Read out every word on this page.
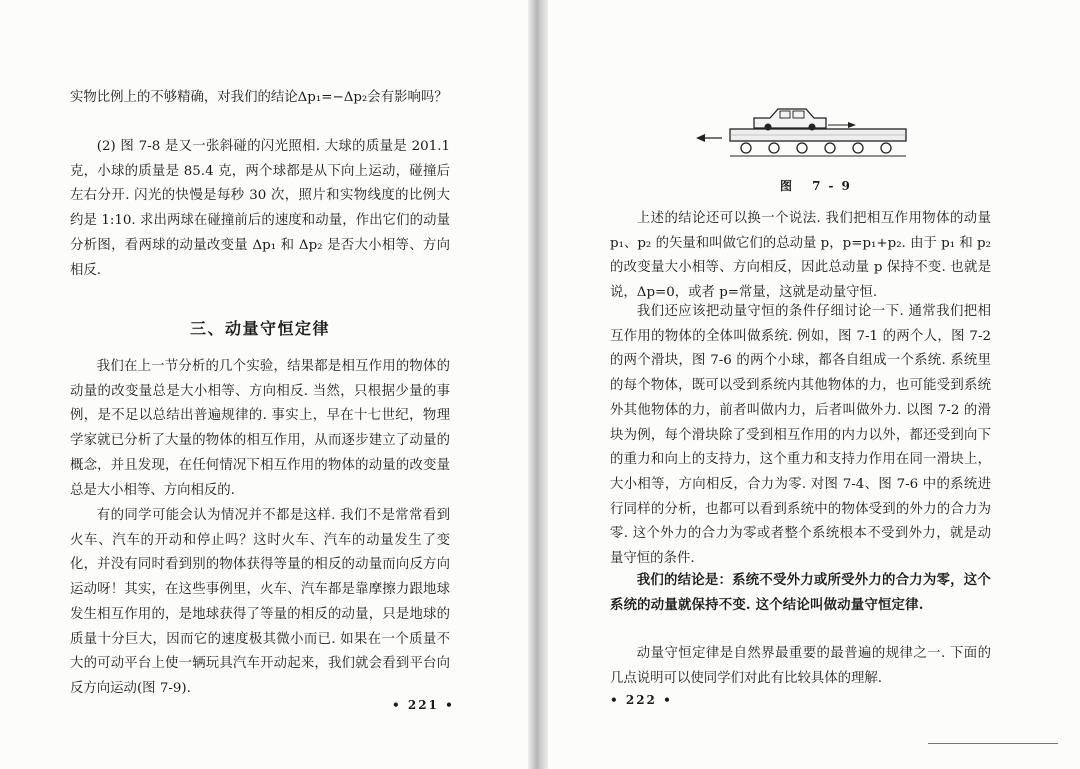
实物比例上的不够精确，对我们的结论Δp₁=−Δp₂会有影响吗？

(2) 图 7-8 是又一张斜碰的闪光照相. 大球的质量是 201.1 克，小球的质量是 85.4 克，两个球都是从下向上运动，碰撞后左右分开. 闪光的快慢是每秒 30 次，照片和实物线度的比例大约是 1:10. 求出两球在碰撞前后的速度和动量，作出它们的动量分析图，看两球的动量改变量 Δp₁ 和 Δp₂ 是否大小相等、方向相反.

三、动量守恒定律

我们在上一节分析的几个实验，结果都是相互作用的物体的动量的改变量总是大小相等、方向相反. 当然，只根据少量的事例，是不足以总结出普遍规律的. 事实上，早在十七世纪，物理学家就已分析了大量的物体的相互作用，从而逐步建立了动量的概念，并且发现，在任何情况下相互作用的物体的动量的改变量总是大小相等、方向相反的.

有的同学可能会认为情况并不都是这样. 我们不是常常看到火车、汽车的开动和停止吗？这时火车、汽车的动量发生了变化，并没有同时看到别的物体获得等量的相反的动量而向反方向运动呀！其实，在这些事例里，火车、汽车都是靠摩擦力跟地球发生相互作用的，是地球获得了等量的相反的动量，只是地球的质量十分巨大，因而它的速度极其微小而已. 如果在一个质量不大的可动平台上使一辆玩具汽车开动起来，我们就会看到平台向反方向运动(图 7-9).

• 221 •
图 7-9

上述的结论还可以换一个说法. 我们把相互作用物体的动量 p₁、p₂ 的矢量和叫做它们的总动量 p，p=p₁+p₂. 由于 p₁ 和 p₂ 的改变量大小相等、方向相反，因此总动量 p 保持不变. 也就是说，Δp=0，或者 p=常量，这就是动量守恒.

我们还应该把动量守恒的条件仔细讨论一下. 通常我们把相互作用的物体的全体叫做系统. 例如，图 7-1 的两个人，图 7-2 的两个滑块，图 7-6 的两个小球，都各自组成一个系统. 系统里的每个物体，既可以受到系统内其他物体的力，也可能受到系统外其他物体的力，前者叫做内力，后者叫做外力. 以图 7-2 的滑块为例，每个滑块除了受到相互作用的内力以外，都还受到向下的重力和向上的支持力，这个重力和支持力作用在同一滑块上，大小相等，方向相反，合力为零. 对图 7-4、图 7-6 中的系统进行同样的分析，也都可以看到系统中的物体受到的外力的合力为零. 这个外力的合力为零或者整个系统根本不受到外力，就是动量守恒的条件.

我们的结论是：系统不受外力或所受外力的合力为零，这个系统的动量就保持不变. 这个结论叫做动量守恒定律.

动量守恒定律是自然界最重要的最普遍的规律之一. 下面的几点说明可以使同学们对此有比较具体的理解.

• 222 •
